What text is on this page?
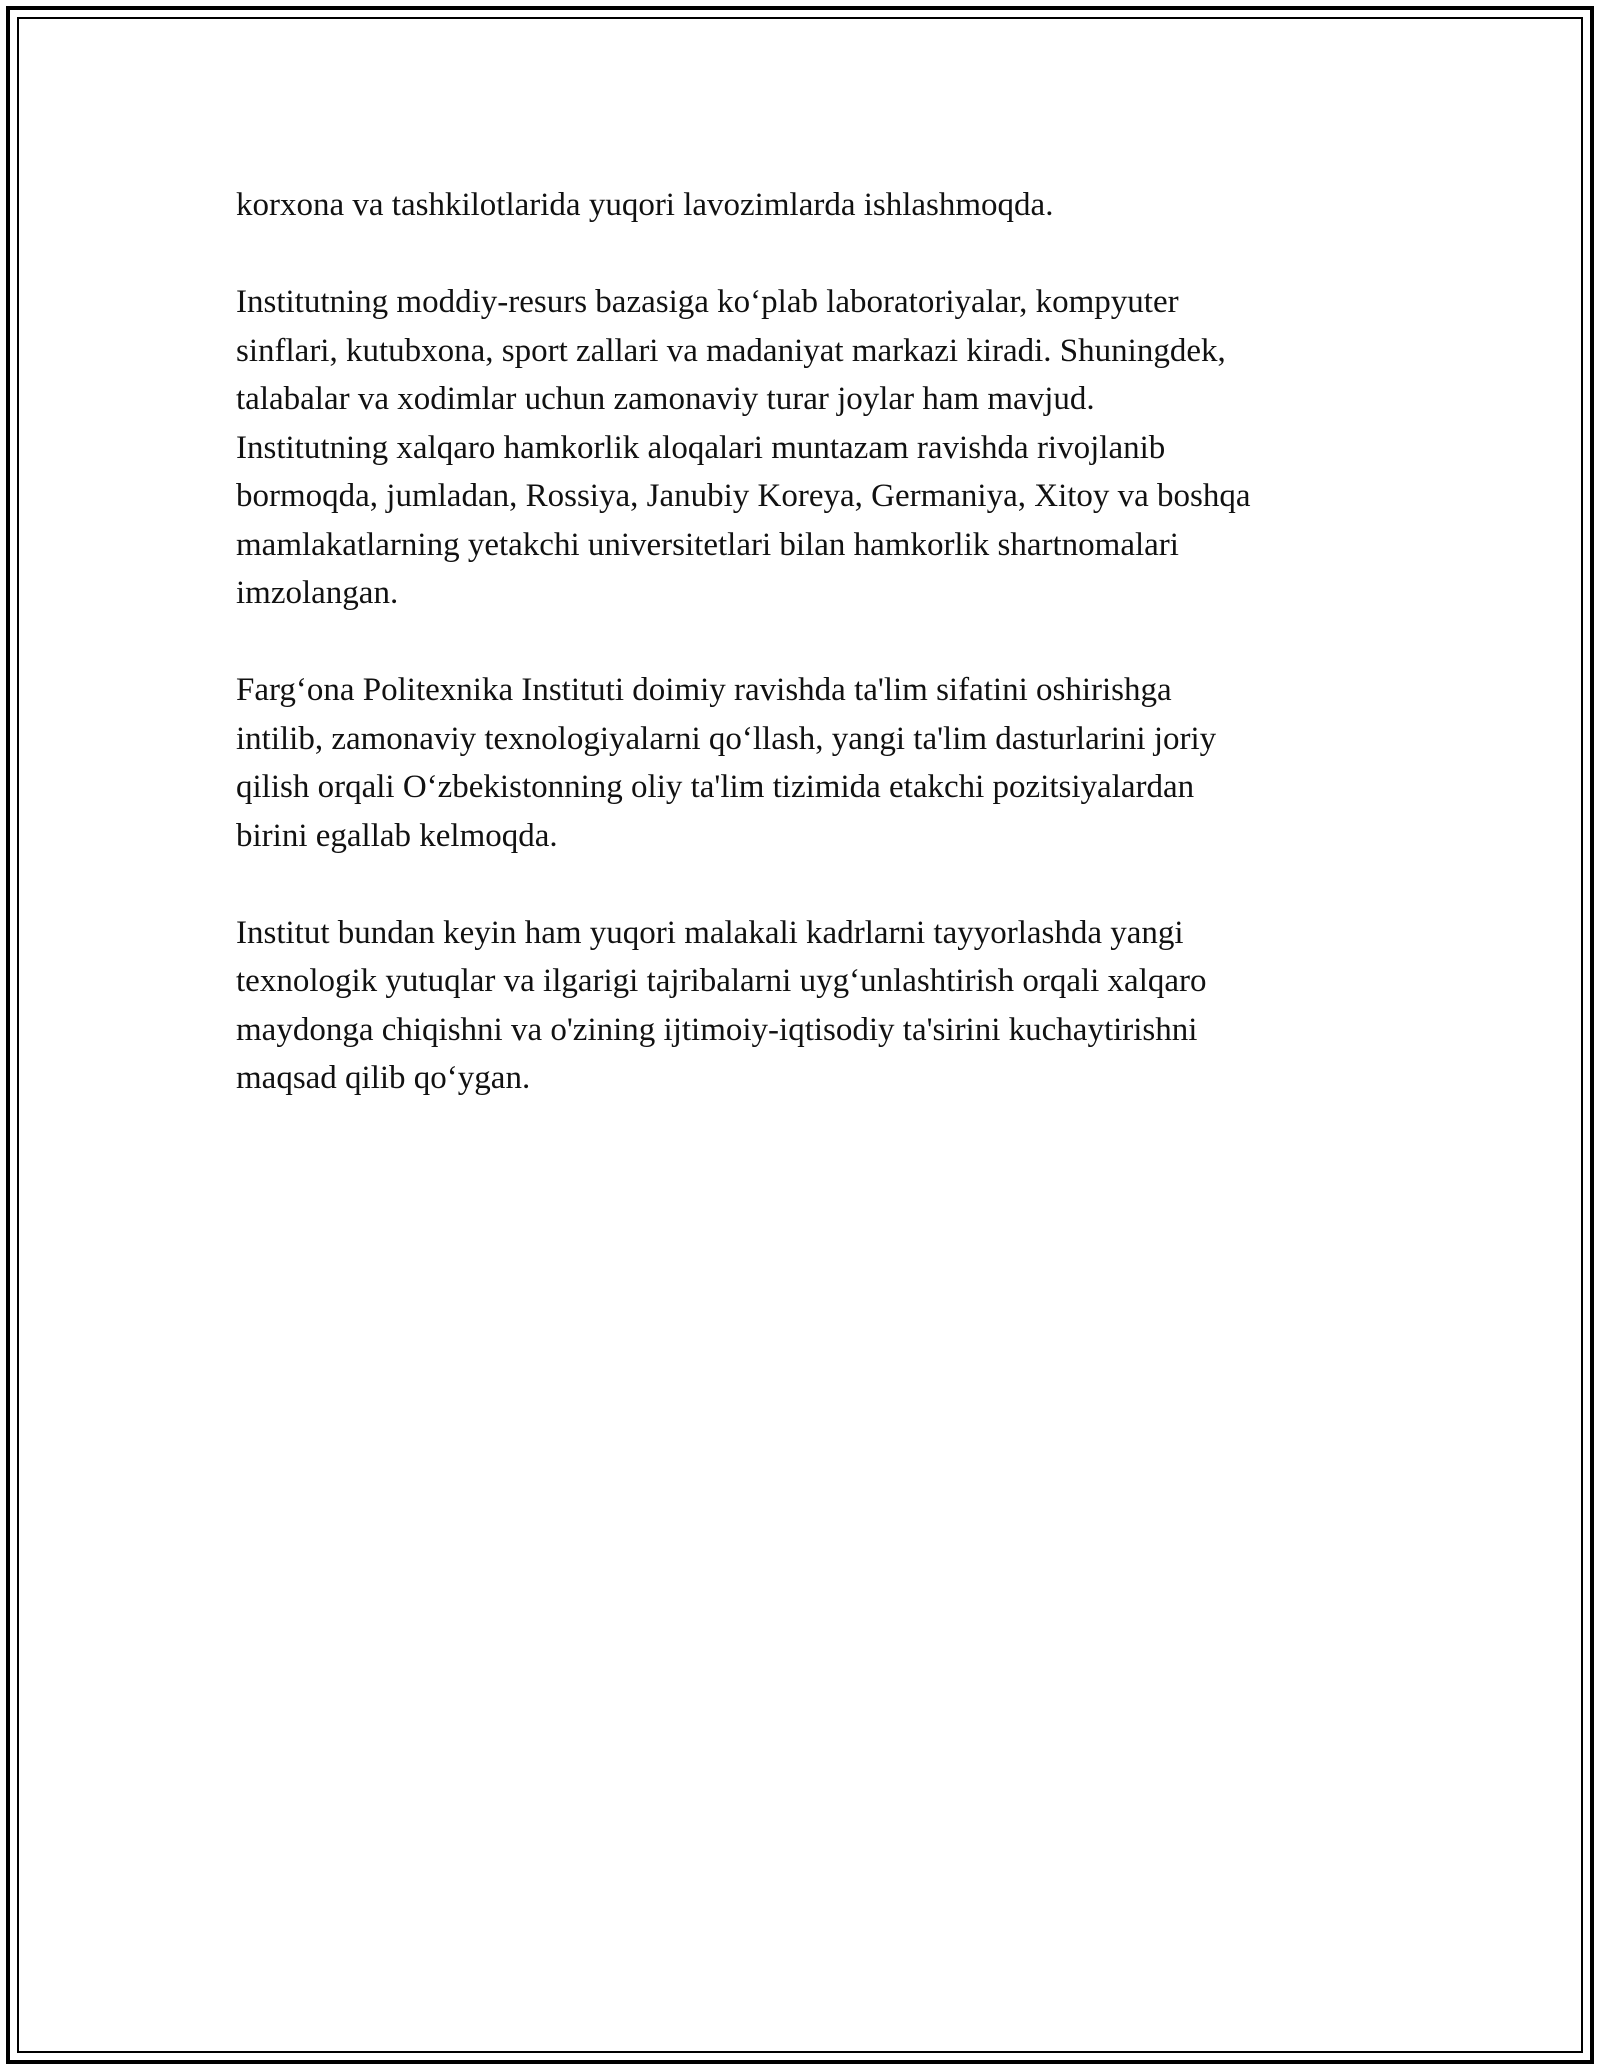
korxona va tashkilotlarida yuqori lavozimlarda ishlashmoqda.

Institutning moddiy-resurs bazasiga ko‘plab laboratoriyalar, kompyuter
sinflari, kutubxona, sport zallari va madaniyat markazi kiradi. Shuningdek,
talabalar va xodimlar uchun zamonaviy turar joylar ham mavjud.
Institutning xalqaro hamkorlik aloqalari muntazam ravishda rivojlanib
bormoqda, jumladan, Rossiya, Janubiy Koreya, Germaniya, Xitoy va boshqa
mamlakatlarning yetakchi universitetlari bilan hamkorlik shartnomalari
imzolangan.

Farg‘ona Politexnika Instituti doimiy ravishda ta'lim sifatini oshirishga
intilib, zamonaviy texnologiyalarni qo‘llash, yangi ta'lim dasturlarini joriy
qilish orqali O‘zbekistonning oliy ta'lim tizimida etakchi pozitsiyalardan
birini egallab kelmoqda.

Institut bundan keyin ham yuqori malakali kadrlarni tayyorlashda yangi
texnologik yutuqlar va ilgarigi tajribalarni uyg‘unlashtirish orqali xalqaro
maydonga chiqishni va o'zining ijtimoiy-iqtisodiy ta'sirini kuchaytirishni
maqsad qilib qo‘ygan.
